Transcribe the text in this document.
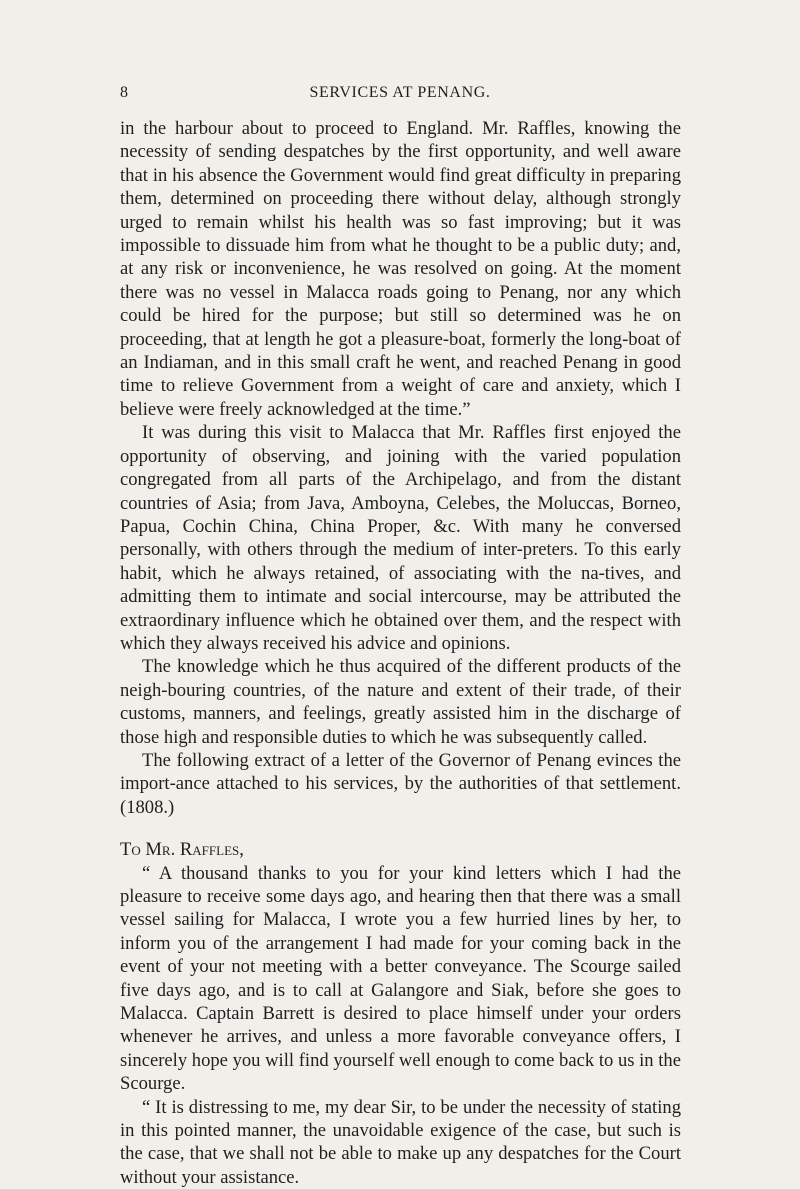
8	SERVICES AT PENANG.

in the harbour about to proceed to England. Mr. Raffles, knowing the necessity of sending despatches by the first opportunity, and well aware that in his absence the Government would find great difficulty in preparing them, determined on proceeding there without delay, although strongly urged to remain whilst his health was so fast improving; but it was impossible to dissuade him from what he thought to be a public duty; and, at any risk or inconvenience, he was resolved on going. At the moment there was no vessel in Malacca roads going to Penang, nor any which could be hired for the purpose; but still so determined was he on proceeding, that at length he got a pleasure-boat, formerly the long-boat of an Indiaman, and in this small craft he went, and reached Penang in good time to relieve Government from a weight of care and anxiety, which I believe were freely acknowledged at the time.”

It was during this visit to Malacca that Mr. Raffles first enjoyed the opportunity of observing, and joining with the varied population congregated from all parts of the Archipelago, and from the distant countries of Asia; from Java, Amboyna, Celebes, the Moluccas, Borneo, Papua, Cochin China, China Proper, &c. With many he conversed personally, with others through the medium of inter-preters. To this early habit, which he always retained, of associating with the na-tives, and admitting them to intimate and social intercourse, may be attributed the extraordinary influence which he obtained over them, and the respect with which they always received his advice and opinions.

The knowledge which he thus acquired of the different products of the neigh-bouring countries, of the nature and extent of their trade, of their customs, manners, and feelings, greatly assisted him in the discharge of those high and responsible duties to which he was subsequently called.

The following extract of a letter of the Governor of Penang evinces the import-ance attached to his services, by the authorities of that settlement. (1808.)

To Mr. Raffles,

“ A thousand thanks to you for your kind letters which I had the pleasure to receive some days ago, and hearing then that there was a small vessel sailing for Malacca, I wrote you a few hurried lines by her, to inform you of the arrangement I had made for your coming back in the event of your not meeting with a better conveyance. The Scourge sailed five days ago, and is to call at Galangore and Siak, before she goes to Malacca. Captain Barrett is desired to place himself under your orders whenever he arrives, and unless a more favorable conveyance offers, I sincerely hope you will find yourself well enough to come back to us in the Scourge.

“ It is distressing to me, my dear Sir, to be under the necessity of stating in this pointed manner, the unavoidable exigence of the case, but such is the case, that we shall not be able to make up any despatches for the Court without your assistance.
